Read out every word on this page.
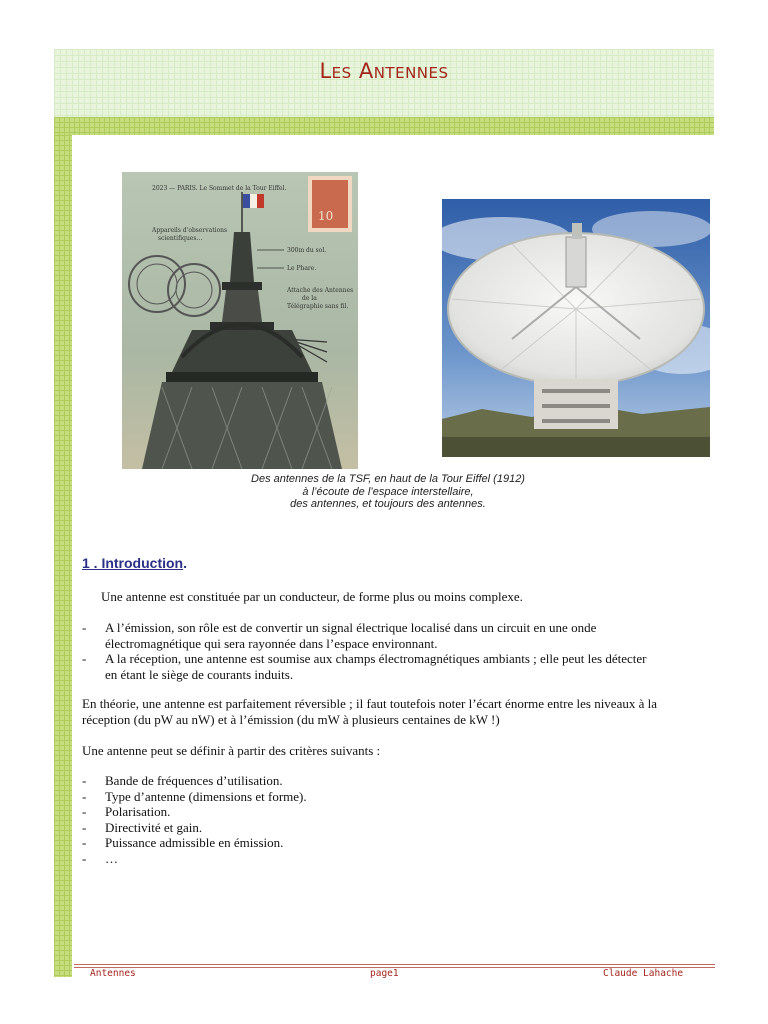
Les Antennes
10
2023 — PARIS. Le Sommet de la Tour Eiffel.
Appareils d'observations
scientifiques…
300m du sol.
Le Phare.
Attache des Antennes
de la
Télégraphie sans fil.
Des antennes de la TSF, en haut de la Tour Eiffel (1912)
à l’écoute de l’espace interstellaire,
des antennes, et toujours des antennes.
1 . Introduction.
Une antenne est constituée par un conducteur, de forme plus ou moins complexe.
- A l’émission, son rôle est de convertir un signal électrique localisé dans un circuit en une onde
électromagnétique qui sera rayonnée dans l’espace environnant.
- A la réception, une antenne est soumise aux champs électromagnétiques ambiants ; elle peut les détecter
en étant le siège de courants induits.
En théorie, une antenne est parfaitement réversible ; il faut toutefois noter l’écart énorme entre les niveaux à la
réception (du pW au nW) et à l’émission (du mW à plusieurs centaines de kW !)
Une antenne peut se définir à partir des critères suivants :
- Bande de fréquences d’utilisation.
- Type d’antenne (dimensions et forme).
- Polarisation.
- Directivité et gain.
- Puissance admissible en émission.
- …
Antennes	page1	Claude Lahache
